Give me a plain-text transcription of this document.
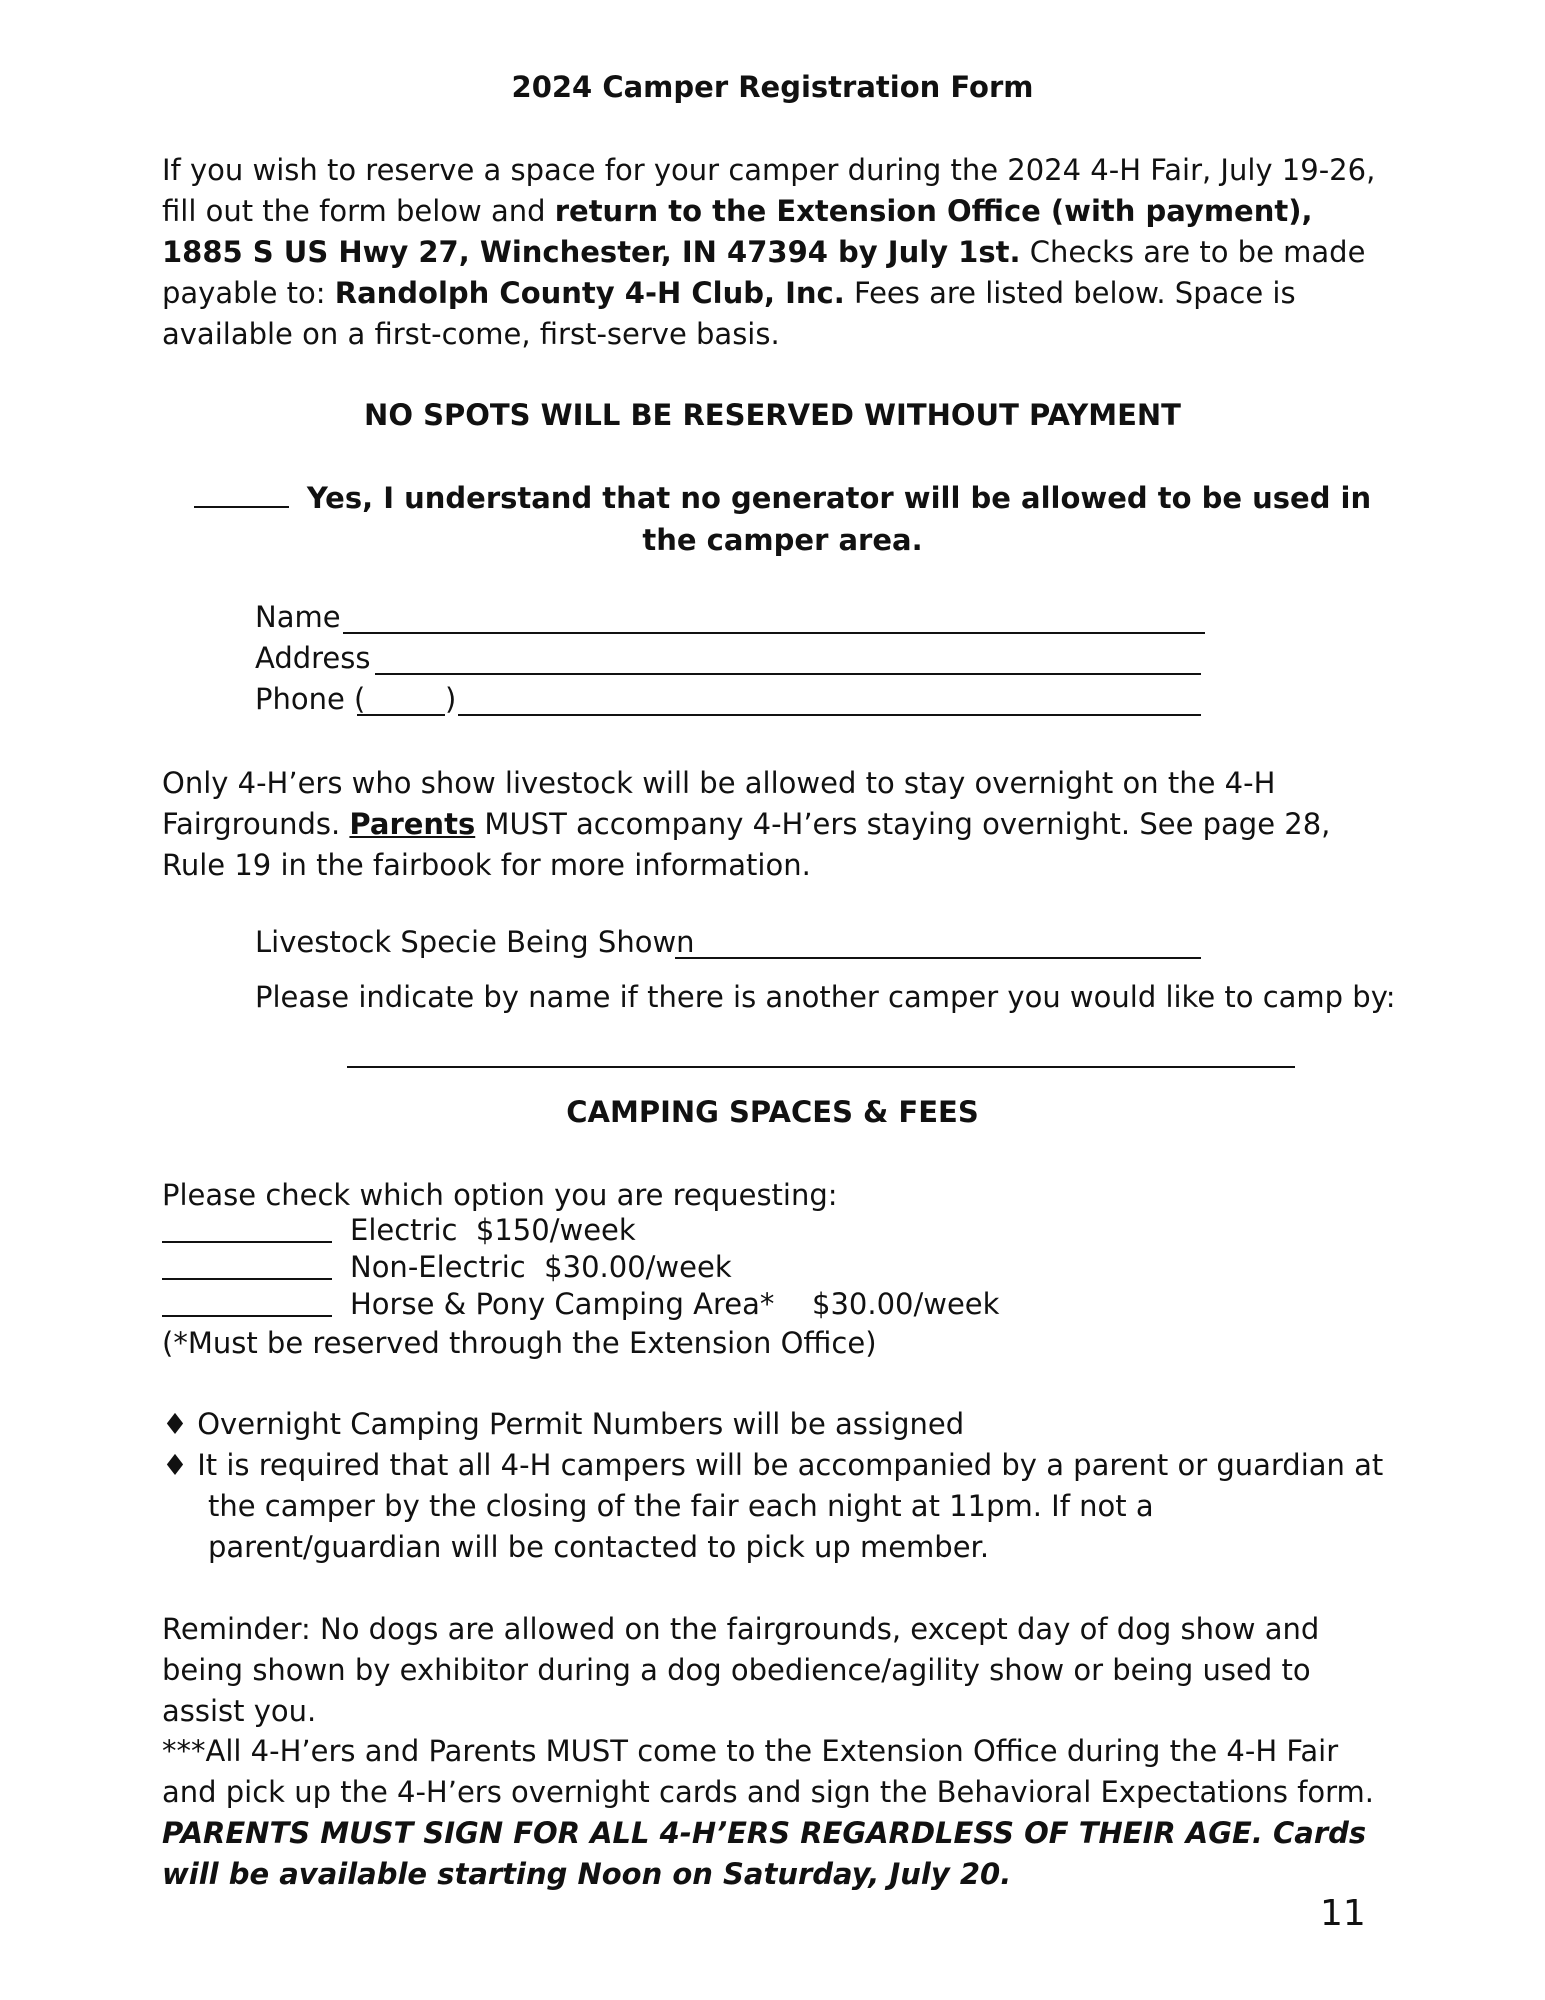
2024 Camper Registration Form
If you wish to reserve a space for your camper during the 2024 4-H Fair, July 19-26, fill out the form below and return to the Extension Office (with payment), 1885 S US Hwy 27, Winchester, IN 47394 by July 1st. Checks are to be made payable to: Randolph County 4-H Club, Inc. Fees are listed below. Space is available on a first-come, first-serve basis.
NO SPOTS WILL BE RESERVED WITHOUT PAYMENT
Yes, I understand that no generator will be allowed to be used in the camper area.
Name
Address
Phone (	)
Only 4-H’ers who show livestock will be allowed to stay overnight on the 4-H Fairgrounds. Parents MUST accompany 4-H’ers staying overnight. See page 28, Rule 19 in the fairbook for more information.
Livestock Specie Being Shown
Please indicate by name if there is another camper you would like to camp by:
CAMPING SPACES & FEES
Please check which option you are requesting:
Electric  $150/week
Non-Electric  $30.00/week
Horse & Pony Camping Area* $30.00/week
(*Must be reserved through the Extension Office)
♦ Overnight Camping Permit Numbers will be assigned
♦ It is required that all 4-H campers will be accompanied by a parent or guardian at the camper by the closing of the fair each night at 11pm. If not a parent/guardian will be contacted to pick up member.
Reminder: No dogs are allowed on the fairgrounds, except day of dog show and being shown by exhibitor during a dog obedience/agility show or being used to assist you.
***All 4-H’ers and Parents MUST come to the Extension Office during the 4-H Fair and pick up the 4-H’ers overnight cards and sign the Behavioral Expectations form. PARENTS MUST SIGN FOR ALL 4-H’ERS REGARDLESS OF THEIR AGE. Cards will be available starting Noon on Saturday, July 20.
11
